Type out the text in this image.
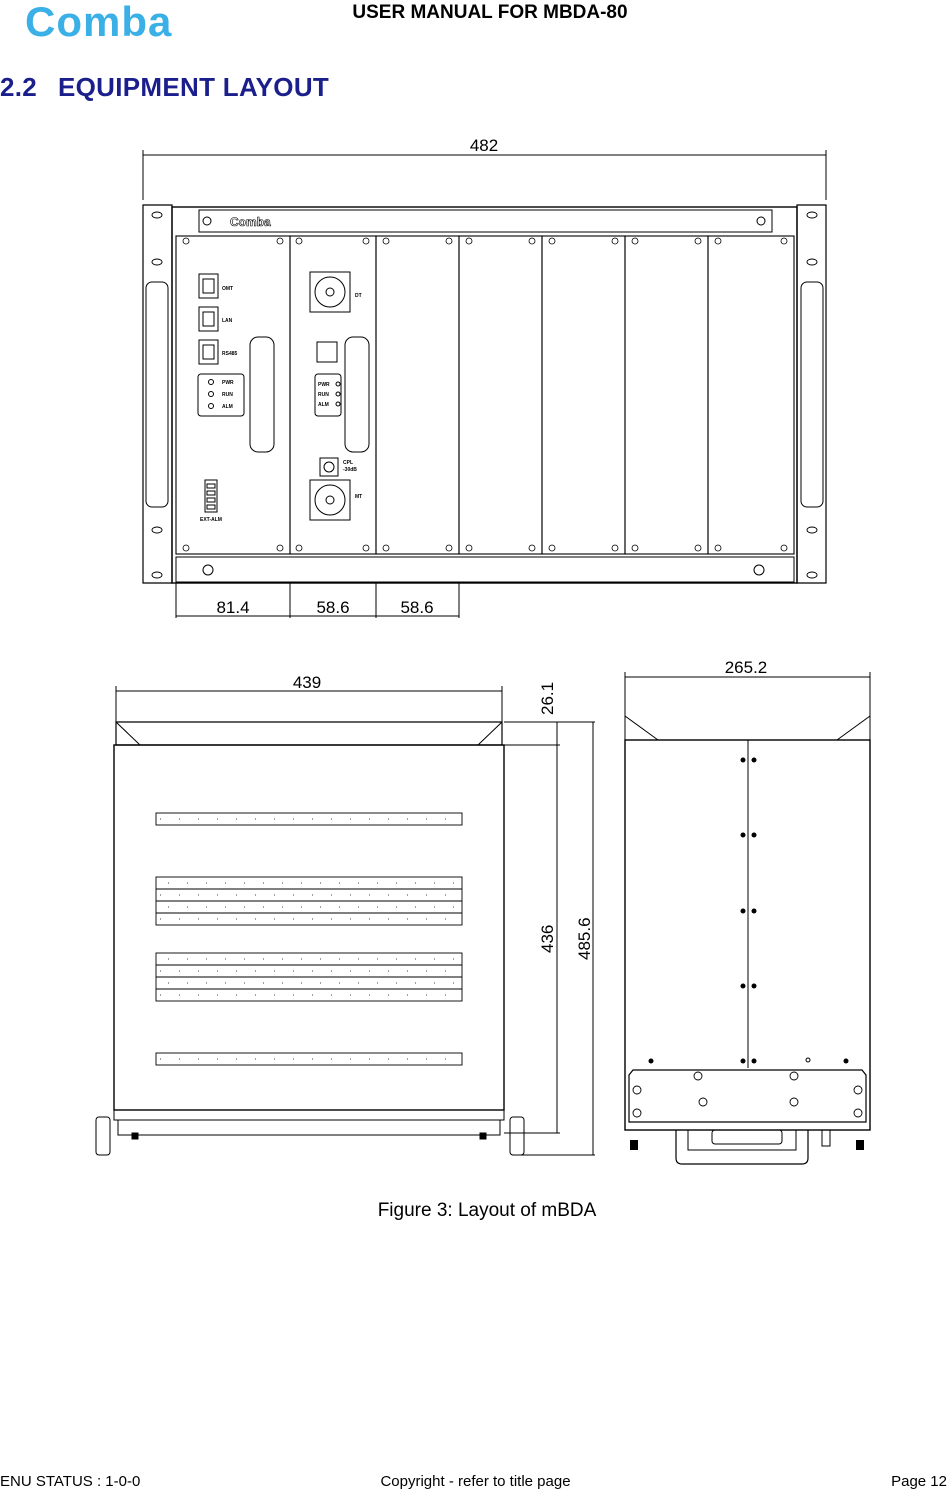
Comba	USER MANUAL FOR MBDA-80
2.2 EQUIPMENT LAYOUT
482
Comba
OMT
LAN
RS485
PWR
RUN
ALM
EXT-ALM
DT
PWR
RUN
ALM
CPL
-30dB
MT
81.4	58.6	58.6
439	26.1
436 485.6
265.2
Figure 3: Layout of mBDA
ENU STATUS : 1-0-0	Copyright - refer to title page	Page 12
